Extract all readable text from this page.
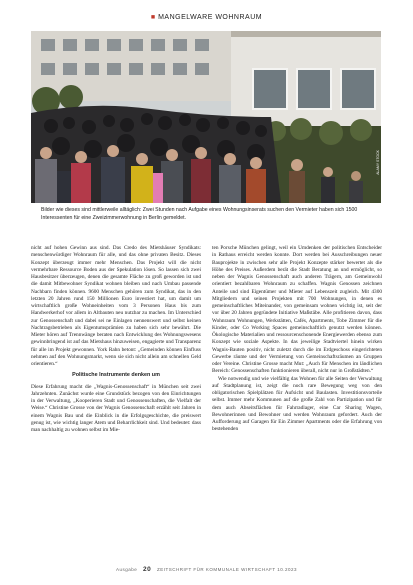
■ MANGELWARE WOHNRAUM
ALAMY STOCK
Bilder wie dieses sind mittlerweile alltäglich: Zwei Stunden nach Aufgabe eines Wohnungsinserats suchen den Vermieter haben sich 1500 Interessenten für eine Zweizimmerwohnung in Berlin gemeldet.

nicht auf hohen Gewinn aus sind. Das Credo des Mietshäuser Syndikats: menschenwürdiger Wohnraum für alle, und das ohne privaten Besitz. Dieses Konzept überzeugt immer mehr Menschen. Das Projekt will die nicht vermehrbare Ressource Boden aus der Spekulation lösen. So lassen sich zwei Hausbesitzer überzeugen, denen die gesamte Fläche zu groß geworden ist und die damit Mitbewohner Syndikat wohnen bleiben und nach Umbau passende Nachbarn finden können. 9600 Menschen gehören zum Syndikat, das in den letzten 20 Jahren rund 150 Millionen Euro investiert hat, um damit um wirtschaftlich große Wohneinheiten vom 3 Personen Haus bis zum Handwerkerhof vor allem in Altbauten neu nutzbar zu machen. Im Unterschied zur Genossenschaft und dabei sei ne Einlagen nennenswert und selbst keinen Nachtragsbetrieben als Eigentumsprämien zu haben sich sehr bewährt. Die Mieter hören auf Trennwänge beraten nach Entwicklung des Wohnungswesens gewinnbringend ist auf das Mietshaus hinzuweisen, engagierte und Transparenz für alle im Projekt gewonnen. York Rahn betont: „Gemeinden können Einfluss nehmen auf den Wohnungsmarkt, wenn sie sich nicht allein am schnellen Geld orientieren.“

Politische Instrumente denken um

Diese Erfahrung macht die „Wagnis-Genossenschaft“ in München seit zwei Jahrzehnten. Zunächst wurde eine Grundstück bezogen von den Einrichtungen in der Verwaltung, „Kooperieren Stadt und Genossenschaften, die Vielfalt der Weise.“ Christine Grosse von der Wagnis Genossenschaft erzählt seit Jahren in einem Wagnis Bau und die Einblick in die Erfolgsgeschichte, die preiswert genug ist, wie wichtig langer Atem und Beharrlichkeit sind. Und bedeutet: dass man nachhaltig zu wohnen selbst im Mie-

ten Porsche München gelingt, weil ein Umdenken der politischen Entscheider in Rathaus erreicht werden konnte. Dort werden bei Ausschreibungen neuer Bauprojekte in zwischen sehr alle Projekt Konzepte stärker bewertet als die Höhe des Preises. Außerdem berät die Stadt Beratung an und ermöglicht, so neben der Wagnis Genossenschaft auch anderen Trägern, am Gemeinwohl orientiert bezahlbaren Wohnraum zu schaffen. Wagnis Genossen zeichnen Anteile und sind Eigentümer und Mieter auf Lebenszeit zugleich. Mit 4300 Mitgliedern und seinen Projekten mit 700 Wohnungen, in denen es gemeinschaftliches Miteinander, von gemeinsam wohnen wichtig ist, seit der vor über 20 Jahren gegründete Initiative Maßstäbe. Alle profitieren davon, dass Wohnraum Wohnungen, Werkstätten, Cafés, Apartments, Tobe Zimmer für die Kinder, oder Co Working Spaces gemeinschaftlich genutzt werden können. Ökologische Materialien und ressourcenschonende Energiewerden ebenso zum Konzept wie soziale Aspekte. In das jeweilige Stadtviertel hinein wirken Wagnis-Bauten positiv, nicht zuletzt durch die im Erdgeschoss eingerichteten Gewerbe räume und der Vermietung von Gemeinschaftsräumen an Gruppen oder Vereine. Christine Grosse macht Mut: „Auch für Menschen im ländlichen Bereich: Genossenschaften funktionieren überall, nicht nur in Großstädten.“

Wie notwendig und wie vielfältig das Wohnen für alle Seiten der Verwaltung auf Stadtplanung ist, zeigt die noch rare Bewegung weg von den obligatorischen Spielplätzen für Aufsicht und Baulasten. Investitionsvorteile selbst. Immer mehr Kommunen auf die große Zahl von Partizipation und für dem auch Abseitsflächen für Fahrradlager, eine Car Sharing Wagen, Bewohnerinnen und Bewohner und werden Wohnraum gefordert. Auch der Aufforderung auf Garagen für Ein Zimmer Apartments oder die Erfahrung von bestehenden

Ausgabe 20 ZEITSCHRIFT FÜR KOMMUNALE WIRTSCHAFT 10.2023
